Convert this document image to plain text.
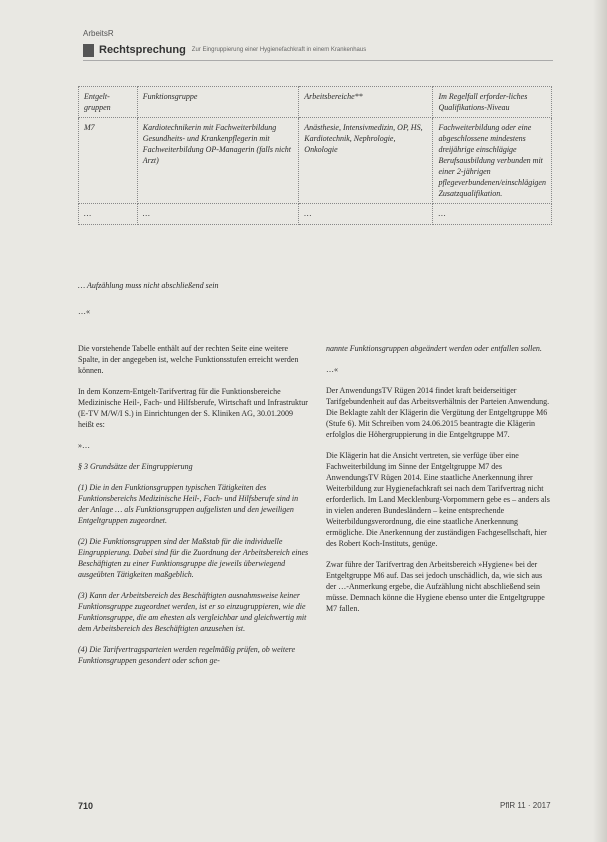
ArbeitsR
Rechtsprechung Zur Eingruppierung einer Hygienefachkraft in einem Krankenhaus
Entgelt-gruppen	Funktionsgruppe	Arbeitsbereiche**	Im Regelfall erforder-liches Qualifikations-Niveau
M7	Kardiotechnikerin mit Fachweiterbildung Gesundheits- und Krankenpflegerin mit Fachweiterbildung OP-Managerin (falls nicht Arzt)	Anästhesie, Intensivmedizin, OP, HS, Kardiotechnik, Nephrologie, Onkologie	Fachweiterbildung oder eine abgeschlossene mindestens dreijährige einschlägige Berufsausbildung verbunden mit einer 2-jährigen pflegeverbundenen/einschlägigen Zusatzqualifikation.
…	…	…	…
… Aufzählung muss nicht abschließend sein
…«

Die vorstehende Tabelle enthält auf der rechten Seite eine weitere Spalte, in der angegeben ist, welche Funktionsstufen erreicht werden können.

In dem Konzern-Entgelt-Tarifvertrag für die Funktionsbereiche Medizinische Heil-, Fach- und Hilfsberufe, Wirtschaft und Infrastruktur (E-TV M/W/I S.) in Einrichtungen der S. Kliniken AG, 30.01.2009 heißt es:

»…

§ 3 Grundsätze der Eingruppierung

(1) Die in den Funktionsgruppen typischen Tätigkeiten des Funktionsbereichs Medizinische Heil-, Fach- und Hilfsberufe sind in der Anlage … als Funktionsgruppen aufgelisten und den jeweiligen Entgeltgruppen zugeordnet.

(2) Die Funktionsgruppen sind der Maßstab für die individuelle Eingruppierung. Dabei sind für die Zuordnung der Arbeitsbereich eines Beschäftigten zu einer Funktionsgruppe die jeweils überwiegend ausgeübten Tätigkeiten maßgeblich.

(3) Kann der Arbeitsbereich des Beschäftigten ausnahmsweise keiner Funktionsgruppe zugeordnet werden, ist er so einzugruppieren, wie die Funktionsgruppe, die am ehesten als vergleichbar und gleichwertig mit dem Arbeitsbereich des Beschäftigten anzusehen ist.

(4) Die Tarifvertragsparteien werden regelmäßig prüfen, ob weitere Funktionsgruppen gesondert oder schon ge-

nannte Funktionsgruppen abgeändert werden oder entfallen sollen.

…«

Der AnwendungsTV Rügen 2014 findet kraft beiderseitiger Tarifgebundenheit auf das Arbeitsverhältnis der Parteien Anwendung. Die Beklagte zahlt der Klägerin die Vergütung der Entgeltgruppe M6 (Stufe 6). Mit Schreiben vom 24.06.2015 beantragte die Klägerin erfolglos die Höhergruppierung in die Entgeltgruppe M7.

Die Klägerin hat die Ansicht vertreten, sie verfüge über eine Fachweiterbildung im Sinne der Entgeltgruppe M7 des AnwendungsTV Rügen 2014. Eine staatliche Anerkennung ihrer Weiterbildung zur Hygienefachkraft sei nach dem Tarifvertrag nicht erforderlich. Im Land Mecklenburg-Vorpommern gebe es – anders als in vielen anderen Bundesländern – keine entsprechende Weiterbildungsverordnung, die eine staatliche Anerkennung ermögliche. Die Anerkennung der zuständigen Fachgesellschaft, hier des Robert Koch-Instituts, genüge.

Zwar führe der Tarifvertrag den Arbeitsbereich »Hygiene« bei der Entgeltgruppe M6 auf. Das sei jedoch unschädlich, da, wie sich aus der …-Anmerkung ergebe, die Aufzählung nicht abschließend sein müsse. Demnach könne die Hygiene ebenso unter die Entgeltgruppe M7 fallen.

710	PflR 11 · 2017
